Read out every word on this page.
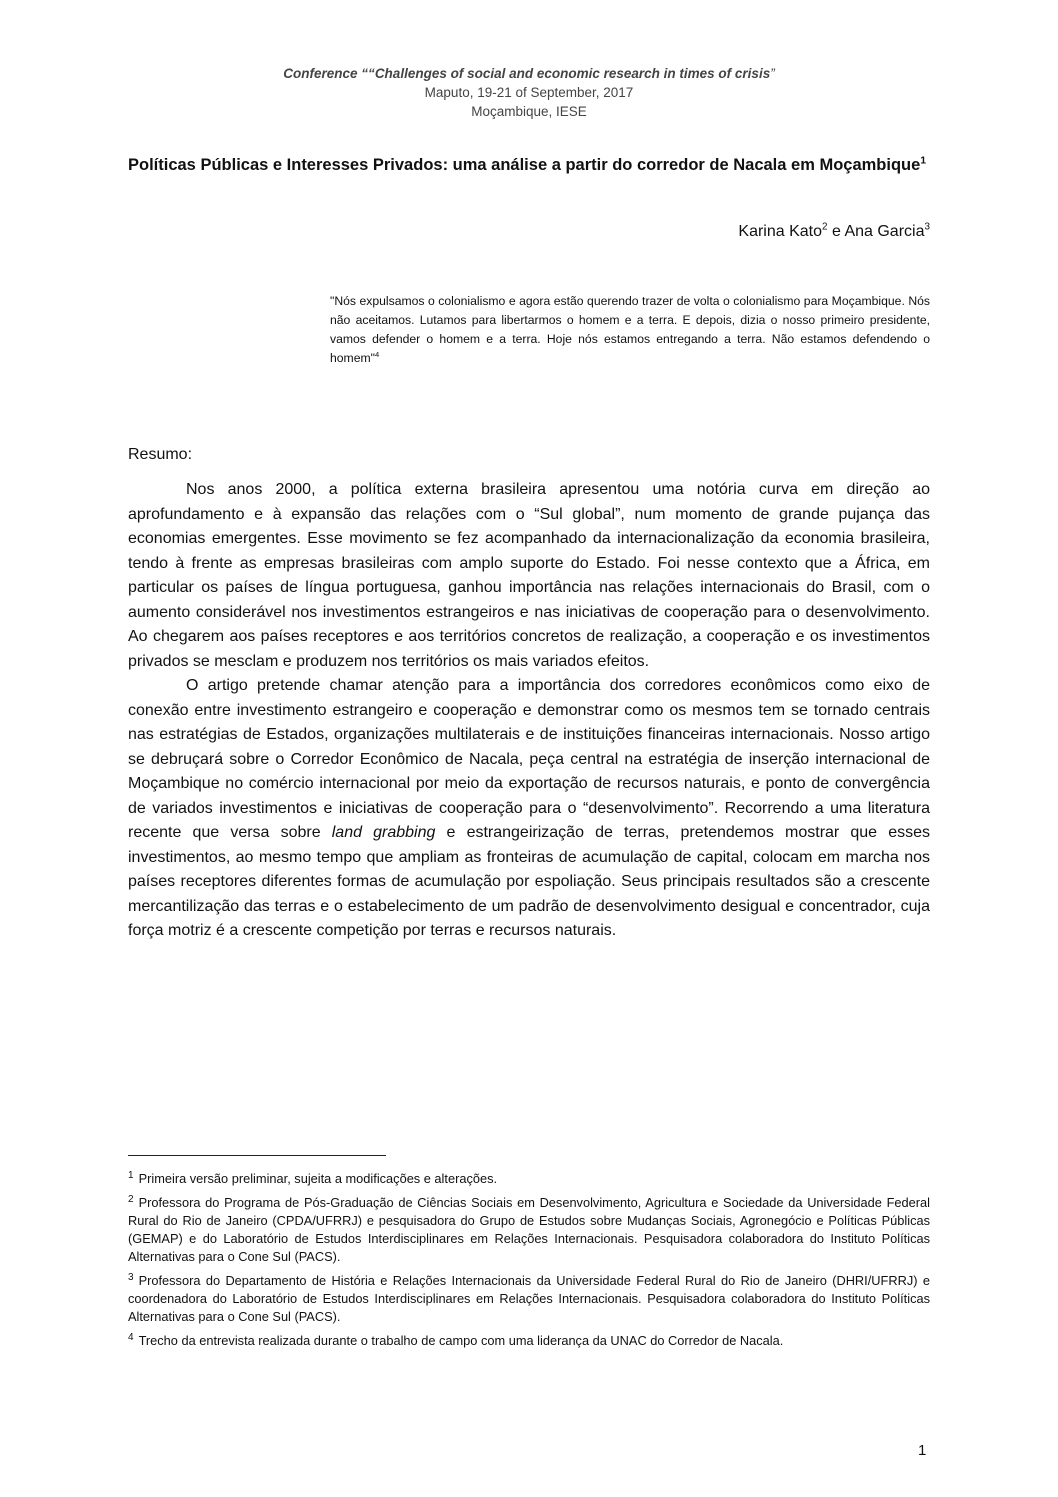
Conference ““Challenges of social and economic research in times of crisis”
Maputo, 19-21 of September, 2017
Moçambique, IESE
Políticas Públicas e Interesses Privados: uma análise a partir do corredor de Nacala em Moçambique$^1$
Karina Kato$^2$ e Ana Garcia$^3$
"Nós expulsamos o colonialismo e agora estão querendo trazer de volta o colonialismo para Moçambique. Nós não aceitamos. Lutamos para libertarmos o homem e a terra. E depois, dizia o nosso primeiro presidente, vamos defender o homem e a terra. Hoje nós estamos entregando a terra. Não estamos defendendo o homem"$^4$
Resumo:

Nos anos 2000, a política externa brasileira apresentou uma notória curva em direção ao aprofundamento e à expansão das relações com o “Sul global”, num momento de grande pujança das economias emergentes. Esse movimento se fez acompanhado da internacionalização da economia brasileira, tendo à frente as empresas brasileiras com amplo suporte do Estado. Foi nesse contexto que a África, em particular os países de língua portuguesa, ganhou importância nas relações internacionais do Brasil, com o aumento considerável nos investimentos estrangeiros e nas iniciativas de cooperação para o desenvolvimento. Ao chegarem aos países receptores e aos territórios concretos de realização, a cooperação e os investimentos privados se mesclam e produzem nos territórios os mais variados efeitos.

O artigo pretende chamar atenção para a importância dos corredores econômicos como eixo de conexão entre investimento estrangeiro e cooperação e demonstrar como os mesmos tem se tornado centrais nas estratégias de Estados, organizações multilaterais e de instituições financeiras internacionais. Nosso artigo se debruçará sobre o Corredor Econômico de Nacala, peça central na estratégia de inserção internacional de Moçambique no comércio internacional por meio da exportação de recursos naturais, e ponto de convergência de variados investimentos e iniciativas de cooperação para o “desenvolvimento”. Recorrendo a uma literatura recente que versa sobre land grabbing e estrangeirização de terras, pretendemos mostrar que esses investimentos, ao mesmo tempo que ampliam as fronteiras de acumulação de capital, colocam em marcha nos países receptores diferentes formas de acumulação por espoliação. Seus principais resultados são a crescente mercantilização das terras e o estabelecimento de um padrão de desenvolvimento desigual e concentrador, cuja força motriz é a crescente competição por terras e recursos naturais.

$^1$ Primeira versão preliminar, sujeita a modificações e alterações.
$^2$ Professora do Programa de Pós-Graduação de Ciências Sociais em Desenvolvimento, Agricultura e Sociedade da Universidade Federal Rural do Rio de Janeiro (CPDA/UFRRJ) e pesquisadora do Grupo de Estudos sobre Mudanças Sociais, Agronegócio e Políticas Públicas (GEMAP) e do Laboratório de Estudos Interdisciplinares em Relações Internacionais. Pesquisadora colaboradora do Instituto Políticas Alternativas para o Cone Sul (PACS).
$^3$ Professora do Departamento de História e Relações Internacionais da Universidade Federal Rural do Rio de Janeiro (DHRI/UFRRJ) e coordenadora do Laboratório de Estudos Interdisciplinares em Relações Internacionais. Pesquisadora colaboradora do Instituto Políticas Alternativas para o Cone Sul (PACS).
$^4$ Trecho da entrevista realizada durante o trabalho de campo com uma liderança da UNAC do Corredor de Nacala.
1
